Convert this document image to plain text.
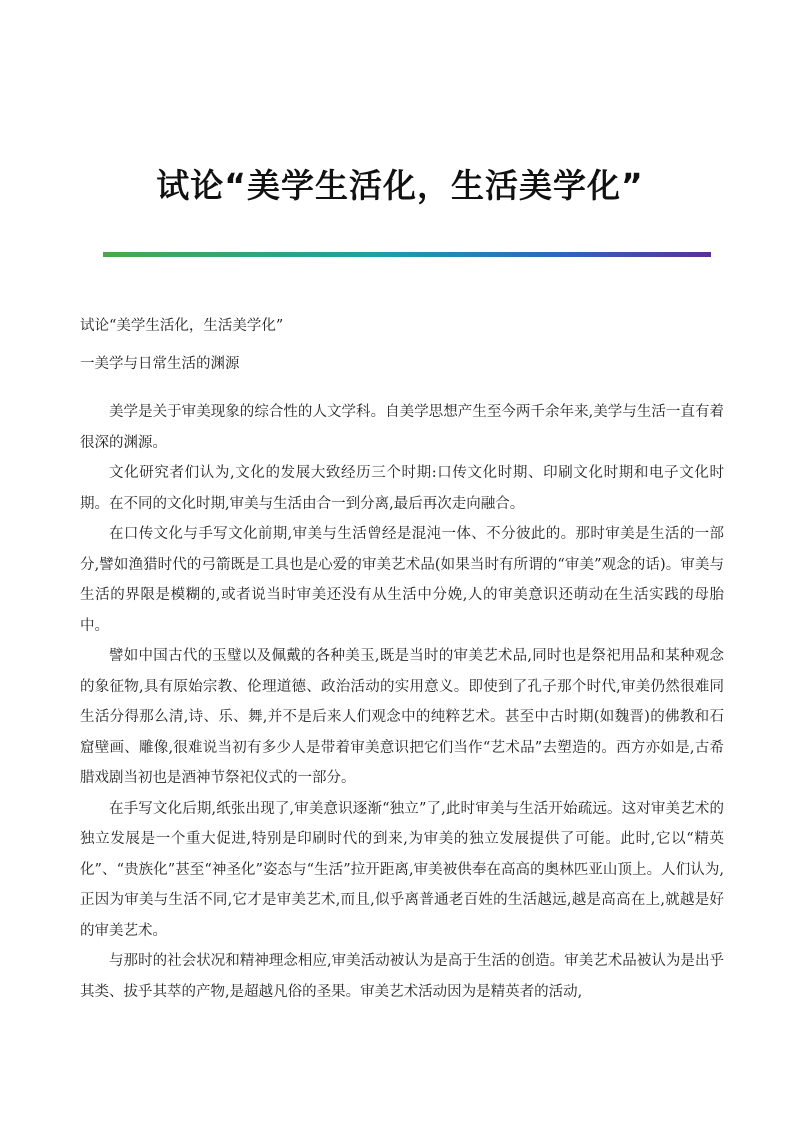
试论“美学生活化，生活美学化”

试论“美学生活化，生活美学化”

一美学与日常生活的渊源

美学是关于审美现象的综合性的人文学科。自美学思想产生至今两千余年来,美学与生活一直有着很深的渊源。

文化研究者们认为,文化的发展大致经历三个时期:口传文化时期、印刷文化时期和电子文化时期。在不同的文化时期,审美与生活由合一到分离,最后再次走向融合。

在口传文化与手写文化前期,审美与生活曾经是混沌一体、不分彼此的。那时审美是生活的一部分,譬如渔猎时代的弓箭既是工具也是心爱的审美艺术品(如果当时有所谓的“审美”观念的话)。审美与生活的界限是模糊的,或者说当时审美还没有从生活中分娩,人的审美意识还萌动在生活实践的母胎中。

譬如中国古代的玉璧以及佩戴的各种美玉,既是当时的审美艺术品,同时也是祭祀用品和某种观念的象征物,具有原始宗教、伦理道德、政治活动的实用意义。即使到了孔子那个时代,审美仍然很难同生活分得那么清,诗、乐、舞,并不是后来人们观念中的纯粹艺术。甚至中古时期(如魏晋)的佛教和石窟壁画、雕像,很难说当初有多少人是带着审美意识把它们当作“艺术品”去塑造的。西方亦如是,古希腊戏剧当初也是酒神节祭祀仪式的一部分。

在手写文化后期,纸张出现了,审美意识逐渐“独立”了,此时审美与生活开始疏远。这对审美艺术的独立发展是一个重大促进,特别是印刷时代的到来,为审美的独立发展提供了可能。此时,它以“精英化”、“贵族化”甚至“神圣化”姿态与“生活”拉开距离,审美被供奉在高高的奥林匹亚山顶上。人们认为,正因为审美与生活不同,它才是审美艺术,而且,似乎离普通老百姓的生活越远,越是高高在上,就越是好的审美艺术。

与那时的社会状况和精神理念相应,审美活动被认为是高于生活的创造。审美艺术品被认为是出乎其类、拔乎其萃的产物,是超越凡俗的圣果。审美艺术活动因为是精英者的活动,
